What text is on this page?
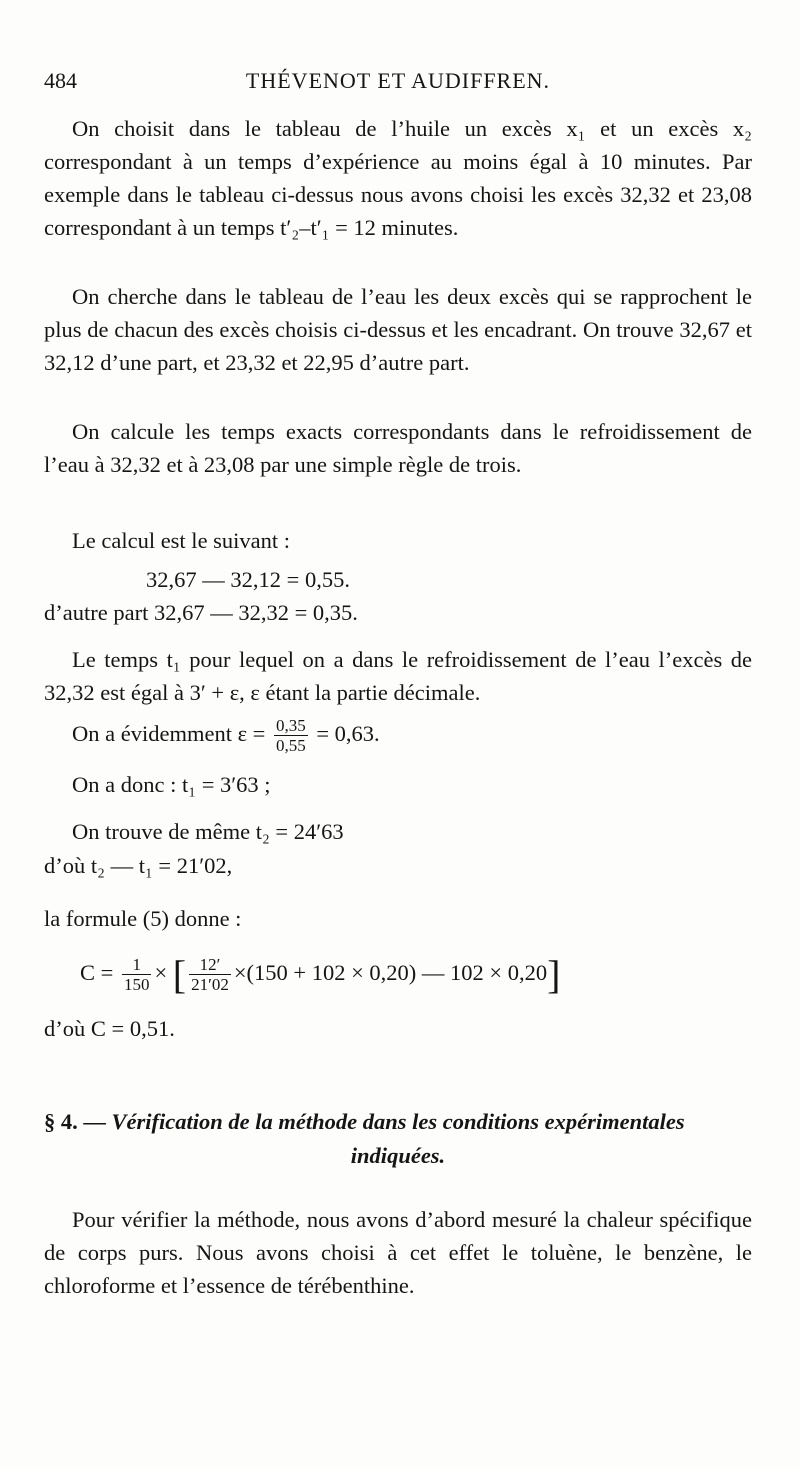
484	THÉVENOT ET AUDIFFREN.

On choisit dans le tableau de l’huile un excès x₁ et un excès x₂ correspondant à un temps d’expérience au moins égal à 10 minutes. Par exemple dans le tableau ci-dessus nous avons choisi les excès 32,32 et 23,08 correspondant à un temps t′₂–t′₁ = 12 minutes.

On cherche dans le tableau de l’eau les deux excès qui se rapprochent le plus de chacun des excès choisis ci-dessus et les encadrant. On trouve 32,67 et 32,12 d’une part, et 23,32 et 22,95 d’autre part.

On calcule les temps exacts correspondants dans le refroidissement de l’eau à 32,32 et à 23,08 par une simple règle de trois.

Le calcul est le suivant :

32,67 — 32,12 = 0,55.
d’autre part 32,67 — 32,32 = 0,35.

Le temps t₁ pour lequel on a dans le refroidissement de l’eau l’excès de 32,32 est égal à 3′ + ε, ε étant la partie décimale.

On a évidemment $\varepsilon = \frac{0,35}{0,55} = 0,63$.
On a donc : t₁ = 3′63 ;
On trouve de même t₂ = 24′63
d’où t₂ — t₁ = 21′02,
la formule (5) donne :
$C = \frac{1}{150}$ × [ $\frac{12'}{21'02} \times(150 + 102 \times 0,20)$ — 102 × 0,20]
d’où C = 0,51.
§ 4. — Vérification de la méthode dans les conditions expérimentales
indiquées.

Pour vérifier la méthode, nous avons d’abord mesuré la chaleur spécifique de corps purs. Nous avons choisi à cet effet le toluène, le benzène, le chloroforme et l’essence de térébenthine.
